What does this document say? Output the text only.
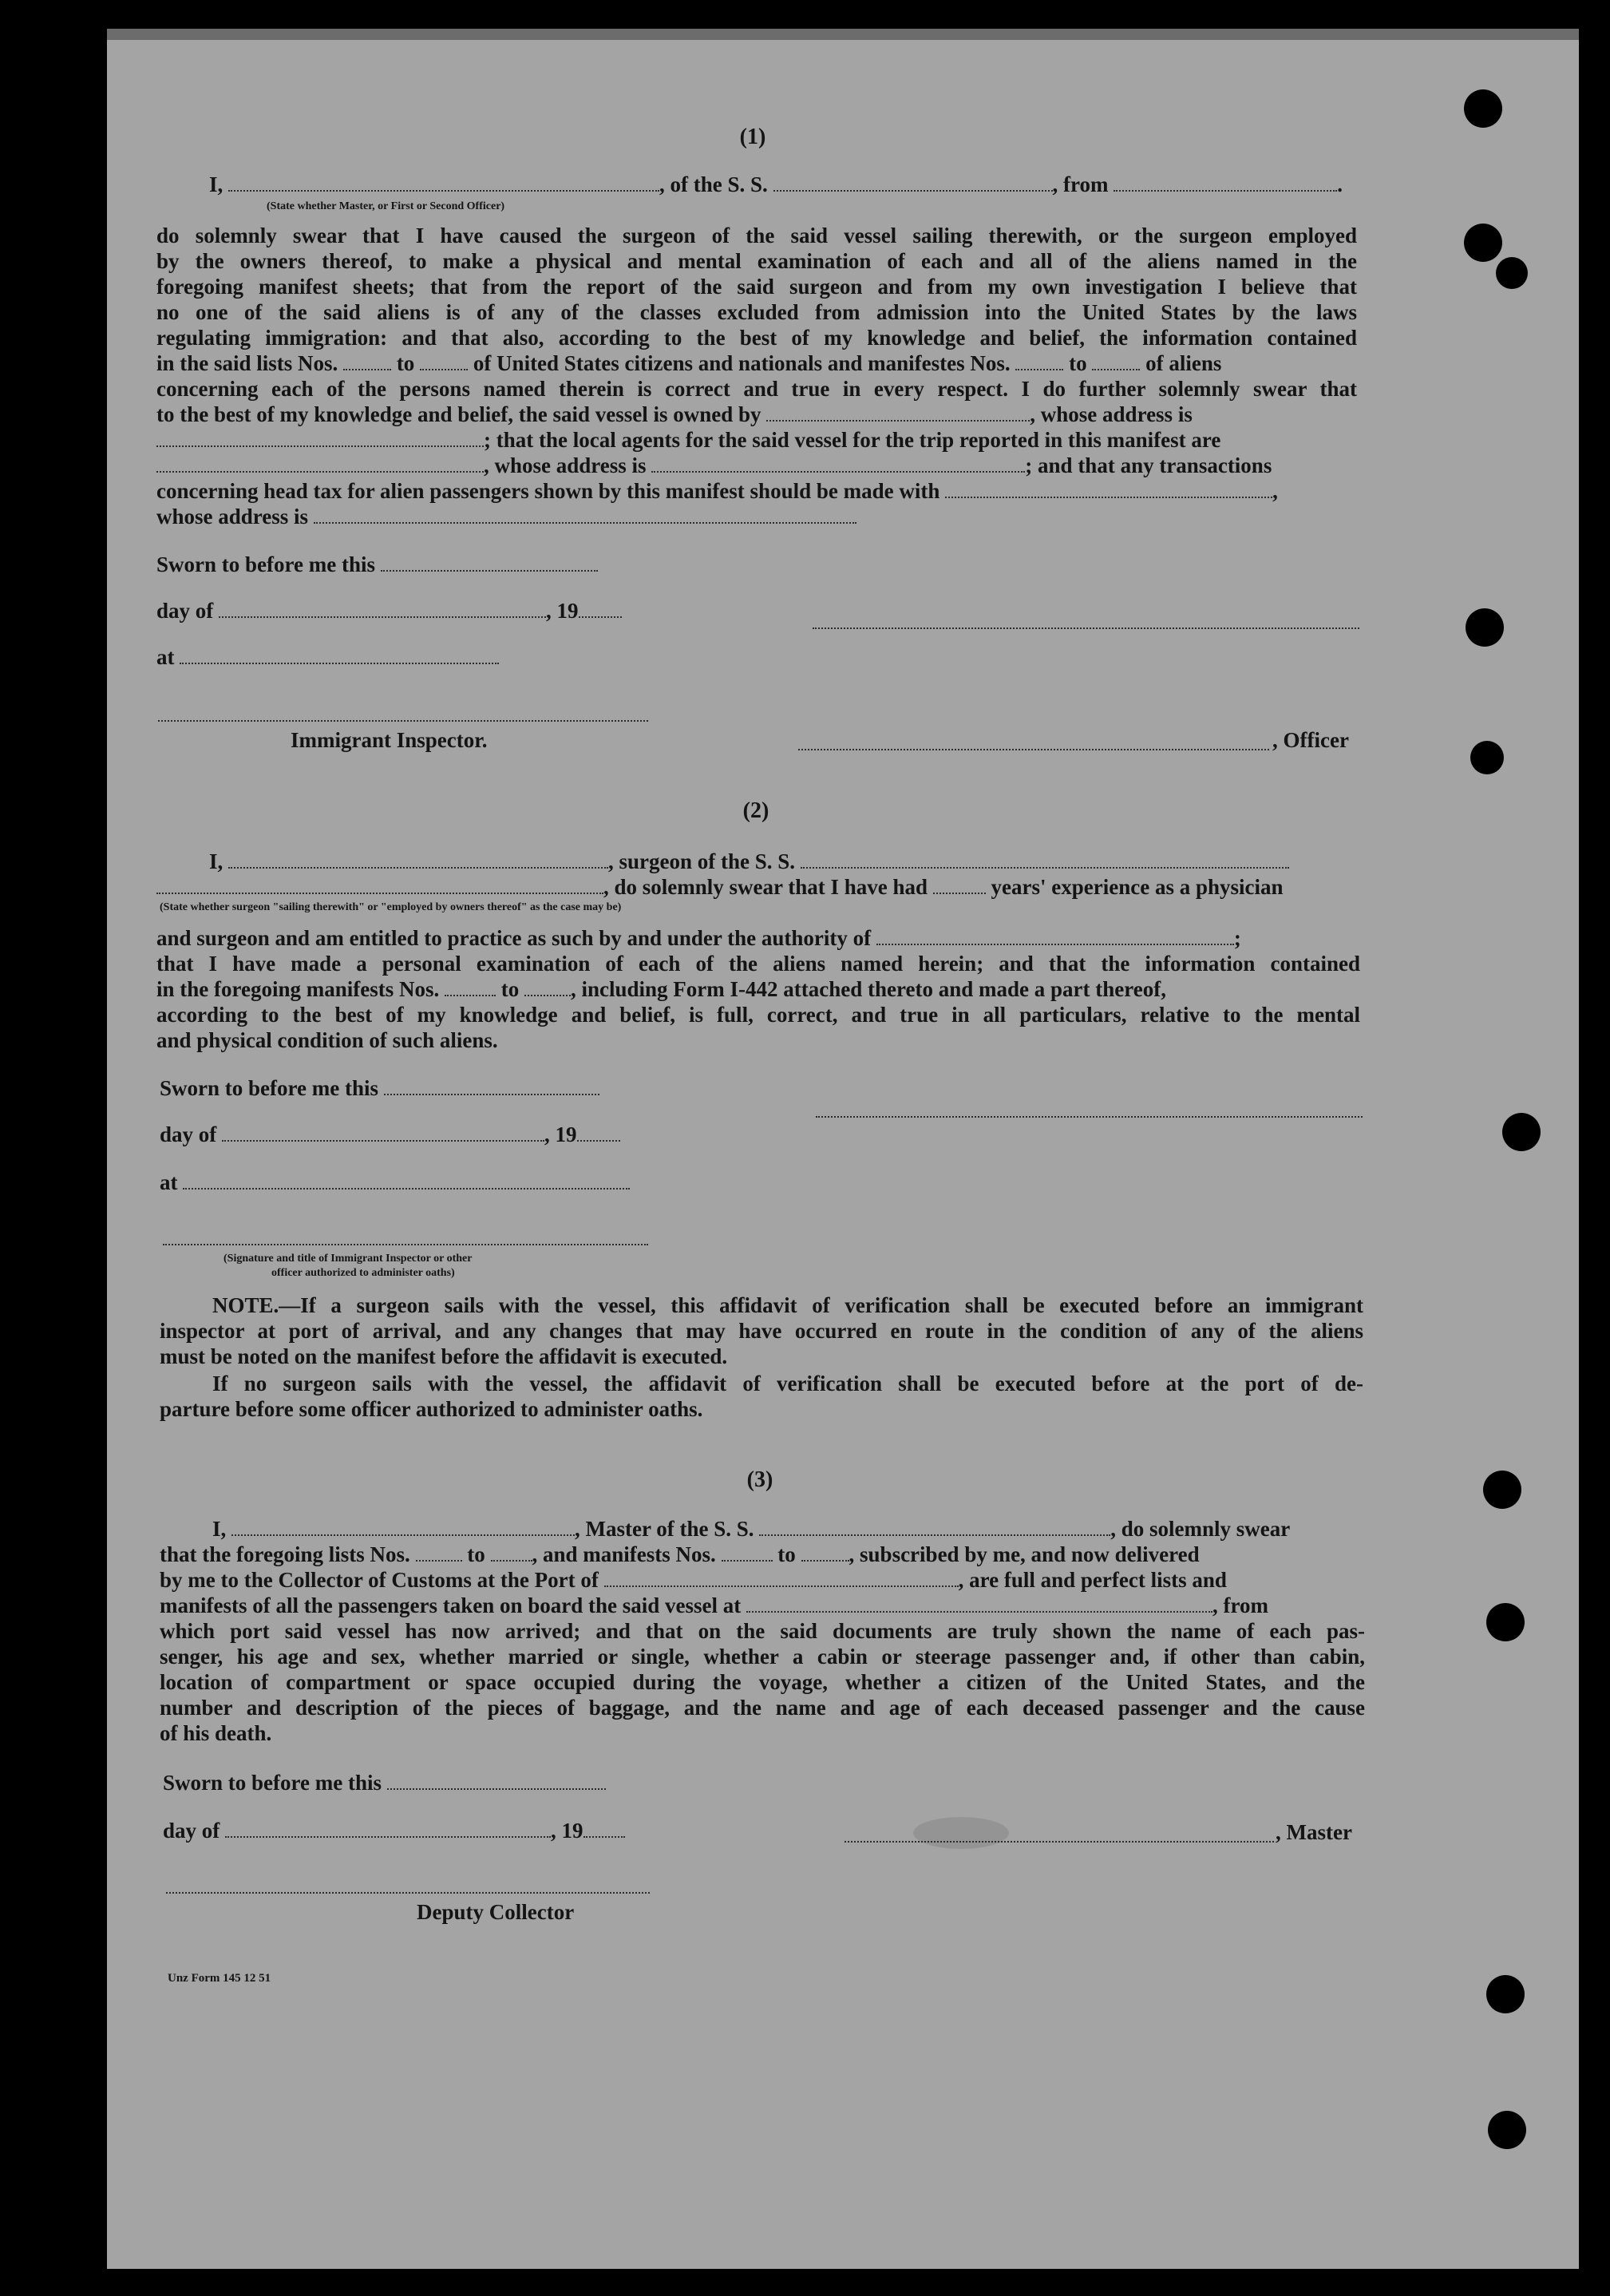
(1)
I,	, of the S. S.	, from	.
(State whether Master, or First or Second Officer)
do solemnly swear that I have caused the surgeon of the said vessel sailing therewith, or the surgeon employed
by the owners thereof, to make a physical and mental examination of each and all of the aliens named in the
foregoing manifest sheets; that from the report of the said surgeon and from my own investigation I believe that
no one of the said aliens is of any of the classes excluded from admission into the United States by the laws
regulating immigration: and that also, according to the best of my knowledge and belief, the information contained
in the said lists Nos.	to	of United States citizens and nationals and manifestes Nos.	to	of aliens
concerning each of the persons named therein is correct and true in every respect. I do further solemnly swear that
to the best of my knowledge and belief, the said vessel is owned by	, whose address is
; that the local agents for the said vessel for the trip reported in this manifest are
, whose address is	; and that any transactions
concerning head tax for alien passengers shown by this manifest should be made with	,
whose address is
Sworn to before me this
day of	, 19
at
Immigrant Inspector.	, Officer
(2)
I,	, surgeon of the S. S.
, do solemnly swear that I have had	years' experience as a physician
(State whether surgeon "sailing therewith" or "employed by owners thereof" as the case may be)
and surgeon and am entitled to practice as such by and under the authority of	;
that I have made a personal examination of each of the aliens named herein; and that the information contained
in the foregoing manifests Nos.	to , including Form I-442 attached thereto and made a part thereof,
according to the best of my knowledge and belief, is full, correct, and true in all particulars, relative to the mental
and physical condition of such aliens.
Sworn to before me this
day of	, 19
at
(Signature and title of Immigrant Inspector or other
officer authorized to administer oaths)
NOTE.—If a surgeon sails with the vessel, this affidavit of verification shall be executed before an immigrant
inspector at port of arrival, and any changes that may have occurred en route in the condition of any of the aliens
must be noted on the manifest before the affidavit is executed.
If no surgeon sails with the vessel, the affidavit of verification shall be executed before at the port of de-
parture before some officer authorized to administer oaths.
(3)
I,	, Master of the S. S.	, do solemnly swear
that the foregoing lists Nos.	to , and manifests Nos.	to , subscribed by me, and now delivered
by me to the Collector of Customs at the Port of	, are full and perfect lists and
manifests of all the passengers taken on board the said vessel at	, from
which port said vessel has now arrived; and that on the said documents are truly shown the name of each pas-
senger, his age and sex, whether married or single, whether a cabin or steerage passenger and, if other than cabin,
location of compartment or space occupied during the voyage, whether a citizen of the United States, and the
number and description of the pieces of baggage, and the name and age of each deceased passenger and the cause
of his death.
Sworn to before me this
day of	, 19	, Master
Deputy Collector
Unz Form 145 12 51
